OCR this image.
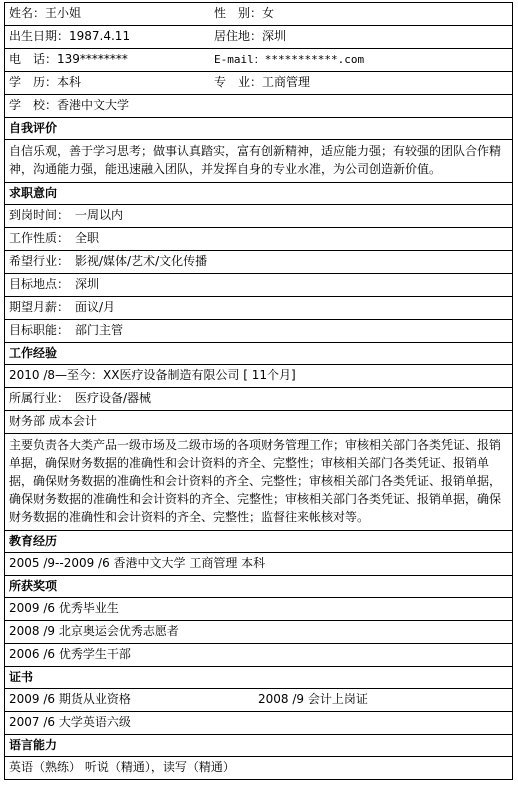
姓名：王小姐	性　别：女
出生日期：1987.4.11	居住地：深圳
电　话：139********	E-mail：***********.com
学　历：本科	专　业：工商管理
学　校：香港中文大学
自我评价
自信乐观，善于学习思考；做事认真踏实，富有创新精神，适应能力强；有较强的团队合作精神，沟通能力强，能迅速融入团队，并发挥自身的专业水准，为公司创造新价值。
求职意向
到岗时间：　一周以内
工作性质：　全职
希望行业：　影视/媒体/艺术/文化传播
目标地点：　深圳
期望月薪：　面议/月
目标职能：　部门主管
工作经验
2010 /8—至今：XX医疗设备制造有限公司 [ 11个月]
所属行业：　医疗设备/器械
财务部 成本会计
主要负责各大类产品一级市场及二级市场的各项财务管理工作；审核相关部门各类凭证、报销单据，确保财务数据的准确性和会计资料的齐全、完整性；审核相关部门各类凭证、报销单据，确保财务数据的准确性和会计资料的齐全、完整性；审核相关部门各类凭证、报销单据，确保财务数据的准确性和会计资料的齐全、完整性；审核相关部门各类凭证、报销单据，确保财务数据的准确性和会计资料的齐全、完整性；监督往来帐核对等。
教育经历
2005 /9--2009 /6 香港中文大学 工商管理 本科
所获奖项
2009 /6 优秀毕业生
2008 /9 北京奥运会优秀志愿者
2006 /6 优秀学生干部
证书
2009 /6 期货从业资格	2008 /9 会计上岗证
2007 /6 大学英语六级
语言能力
英语（熟练） 听说（精通），读写（精通）
